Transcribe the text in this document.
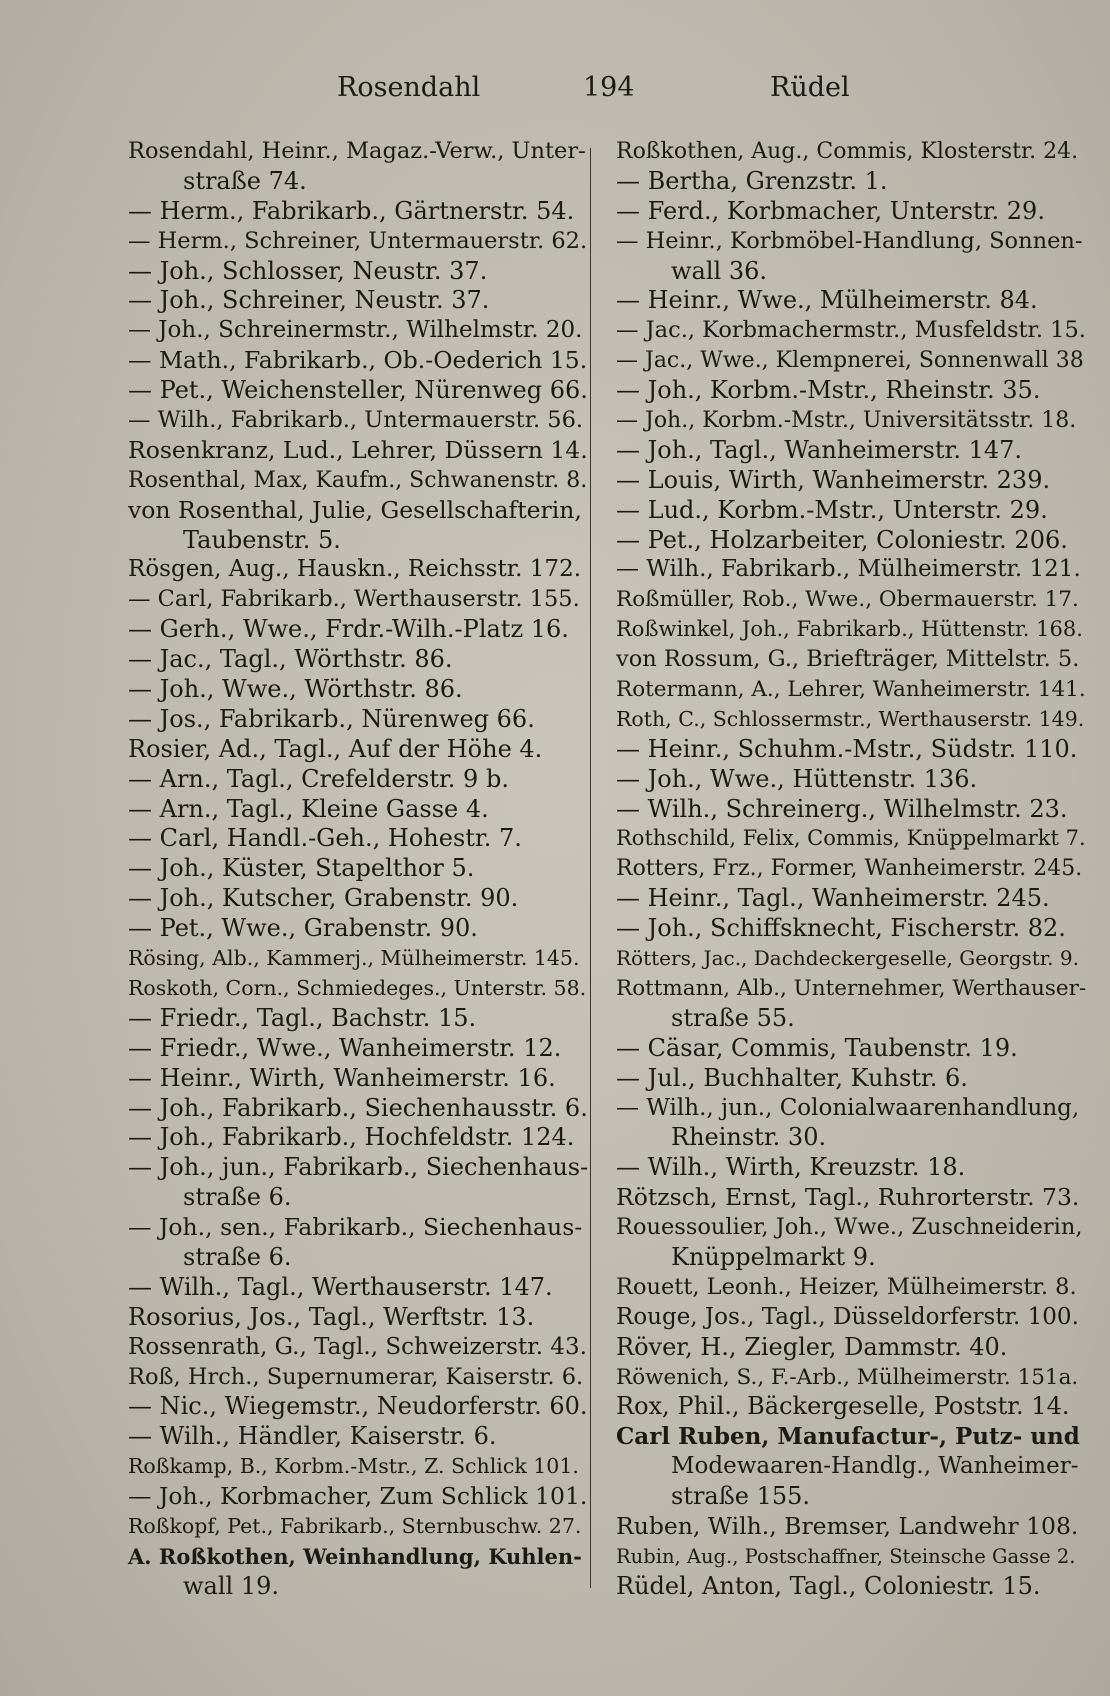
Rosendahl	194	Rüdel
Rosendahl, Heinr., Magaz.-Verw., Unter-
straße 74.
— Herm., Fabrikarb., Gärtnerstr. 54.
— Herm., Schreiner, Untermauerstr. 62.
— Joh., Schlosser, Neustr. 37.
— Joh., Schreiner, Neustr. 37.
— Joh., Schreinermstr., Wilhelmstr. 20.
— Math., Fabrikarb., Ob.-Oederich 15.
— Pet., Weichensteller, Nürenweg 66.
— Wilh., Fabrikarb., Untermauerstr. 56.
Rosenkranz, Lud., Lehrer, Düssern 14.
Rosenthal, Max, Kaufm., Schwanenstr. 8.
von Rosenthal, Julie, Gesellschafterin,
Taubenstr. 5.
Rösgen, Aug., Hauskn., Reichsstr. 172.
— Carl, Fabrikarb., Werthauserstr. 155.
— Gerh., Wwe., Frdr.-Wilh.-Platz 16.
— Jac., Tagl., Wörthstr. 86.
— Joh., Wwe., Wörthstr. 86.
— Jos., Fabrikarb., Nürenweg 66.
Rosier, Ad., Tagl., Auf der Höhe 4.
— Arn., Tagl., Crefelderstr. 9 b.
— Arn., Tagl., Kleine Gasse 4.
— Carl, Handl.-Geh., Hohestr. 7.
— Joh., Küster, Stapelthor 5.
— Joh., Kutscher, Grabenstr. 90.
— Pet., Wwe., Grabenstr. 90.
Rösing, Alb., Kammerj., Mülheimerstr. 145.
Roskoth, Corn., Schmiedeges., Unterstr. 58.
— Friedr., Tagl., Bachstr. 15.
— Friedr., Wwe., Wanheimerstr. 12.
— Heinr., Wirth, Wanheimerstr. 16.
— Joh., Fabrikarb., Siechenhausstr. 6.
— Joh., Fabrikarb., Hochfeldstr. 124.
— Joh., jun., Fabrikarb., Siechenhaus-
straße 6.
— Joh., sen., Fabrikarb., Siechenhaus-
straße 6.
— Wilh., Tagl., Werthauserstr. 147.
Rosorius, Jos., Tagl., Werftstr. 13.
Rossenrath, G., Tagl., Schweizerstr. 43.
Roß, Hrch., Supernumerar, Kaiserstr. 6.
— Nic., Wiegemstr., Neudorferstr. 60.
— Wilh., Händler, Kaiserstr. 6.
Roßkamp, B., Korbm.-Mstr., Z. Schlick 101.
— Joh., Korbmacher, Zum Schlick 101.
Roßkopf, Pet., Fabrikarb., Sternbuschw. 27.
A. Roßkothen, Weinhandlung, Kuhlen-
wall 19.
Roßkothen, Aug., Commis, Klosterstr. 24.
— Bertha, Grenzstr. 1.
— Ferd., Korbmacher, Unterstr. 29.
— Heinr., Korbmöbel-Handlung, Sonnen-
wall 36.
— Heinr., Wwe., Mülheimerstr. 84.
— Jac., Korbmachermstr., Musfeldstr. 15.
— Jac., Wwe., Klempnerei, Sonnenwall 38
— Joh., Korbm.-Mstr., Rheinstr. 35.
— Joh., Korbm.-Mstr., Universitätsstr. 18.
— Joh., Tagl., Wanheimerstr. 147.
— Louis, Wirth, Wanheimerstr. 239.
— Lud., Korbm.-Mstr., Unterstr. 29.
— Pet., Holzarbeiter, Coloniestr. 206.
— Wilh., Fabrikarb., Mülheimerstr. 121.
Roßmüller, Rob., Wwe., Obermauerstr. 17.
Roßwinkel, Joh., Fabrikarb., Hüttenstr. 168.
von Rossum, G., Briefträger, Mittelstr. 5.
Rotermann, A., Lehrer, Wanheimerstr. 141.
Roth, C., Schlossermstr., Werthauserstr. 149.
— Heinr., Schuhm.-Mstr., Südstr. 110.
— Joh., Wwe., Hüttenstr. 136.
— Wilh., Schreinerg., Wilhelmstr. 23.
Rothschild, Felix, Commis, Knüppelmarkt 7.
Rotters, Frz., Former, Wanheimerstr. 245.
— Heinr., Tagl., Wanheimerstr. 245.
— Joh., Schiffsknecht, Fischerstr. 82.
Rötters, Jac., Dachdeckergeselle, Georgstr. 9.
Rottmann, Alb., Unternehmer, Werthauser-
straße 55.
— Cäsar, Commis, Taubenstr. 19.
— Jul., Buchhalter, Kuhstr. 6.
— Wilh., jun., Colonialwaarenhandlung,
Rheinstr. 30.
— Wilh., Wirth, Kreuzstr. 18.
Rötzsch, Ernst, Tagl., Ruhrorterstr. 73.
Rouessoulier, Joh., Wwe., Zuschneiderin,
Knüppelmarkt 9.
Rouett, Leonh., Heizer, Mülheimerstr. 8.
Rouge, Jos., Tagl., Düsseldorferstr. 100.
Röver, H., Ziegler, Dammstr. 40.
Röwenich, S., F.-Arb., Mülheimerstr. 151a.
Rox, Phil., Bäckergeselle, Poststr. 14.
Carl Ruben, Manufactur-, Putz- und
Modewaaren-Handlg., Wanheimer-
straße 155.
Ruben, Wilh., Bremser, Landwehr 108.
Rubin, Aug., Postschaffner, Steinsche Gasse 2.
Rüdel, Anton, Tagl., Coloniestr. 15.
